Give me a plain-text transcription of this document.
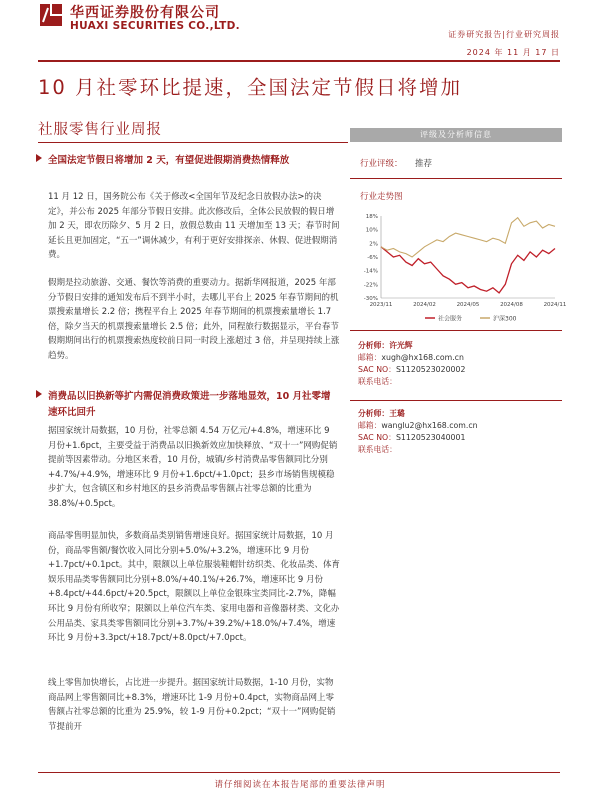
华西证券股份有限公司
HUAXI SECURITIES CO.,LTD.
证券研究报告|行业研究周报
2024 年 11 月 17 日
10 月社零环比提速，全国法定节假日将增加
社服零售行业周报
全国法定节假日将增加 2 天，有望促进假期消费热情释放

11 月 12 日，国务院公布《关于修改<全国年节及纪念日放假办法>的决定》，并公布 2025 年部分节假日安排。此次修改后，全体公民放假的假日增加 2 天，即农历除夕、5 月 2 日，放假总数由 11 天增加至 13 天；春节时间延长且更加固定，“五一”调休减少，有利于更好安排探亲、休假、促进假期消费。

假期是拉动旅游、交通、餐饮等消费的重要动力。据新华网报道，2025 年部分节假日安排的通知发布后不到半小时，去哪儿平台上 2025 年春节期间的机票搜索量增长 2.2 倍；携程平台上 2025 年春节期间的机票搜索量增长 1.7 倍，除夕当天的机票搜索量增长 2.5 倍；此外，同程旅行数据显示，平台春节假期期间出行的机票搜索热度较前日同一时段上涨超过 3 倍，并呈现持续上涨趋势。

消费品以旧换新等扩内需促消费政策进一步落地显效，10 月社零增速环比回升

据国家统计局数据，10 月份，社零总额 4.54 万亿元/+4.8%，增速环比 9 月份+1.6pct，主要受益于消费品以旧换新效应加快释放、“双十一”网购促销提前等因素带动。分地区来看，10 月份，城镇/乡村消费品零售额同比分别+4.7%/+4.9%，增速环比 9 月份+1.6pct/+1.0pct；县乡市场销售规模稳步扩大，包含镇区和乡村地区的县乡消费品零售额占社零总额的比重为 38.8%/+0.5pct。

商品零售明显加快，多数商品类别销售增速良好。据国家统计局数据，10 月份，商品零售额/餐饮收入同比分别+5.0%/+3.2%，增速环比 9 月份+1.7pct/+0.1pct。其中，限额以上单位服装鞋帽针纺织类、化妆品类、体育娱乐用品类零售额同比分别+8.0%/+40.1%/+26.7%，增速环比 9 月份+8.4pct/+44.6pct/+20.5pct，限额以上单位金银珠宝类同比-2.7%，降幅环比 9 月份有所收窄；限额以上单位汽车类、家用电器和音像器材类、文化办公用品类、家具类零售额同比分别+3.7%/+39.2%/+18.0%/+7.4%，增速环比 9 月份+3.3pct/+18.7pct/+8.0pct/+7.0pct。

线上零售加快增长，占比进一步提升。据国家统计局数据，1-10 月份，实物商品网上零售额同比+8.3%，增速环比 1-9 月份+0.4pct，实物商品网上零售额占社零总额的比重为 25.9%，较 1-9 月份+0.2pct；“双十一”网购促销节提前开

评级及分析师信息
行业评级： 推荐
行业走势图
18%
10%
2%
-6%
-14%
-22%
-30%
2023/11	2024/02	2024/05	2024/08	2024/11
社会服务	沪深300
分析师：许光辉
邮箱：xugh@hx168.com.cn
SAC NO：S1120523020002
联系电话：
分析师：王璐
邮箱：wanglu2@hx168.com.cn
SAC NO：S1120523040001
联系电话：
请仔细阅读在本报告尾部的重要法律声明
